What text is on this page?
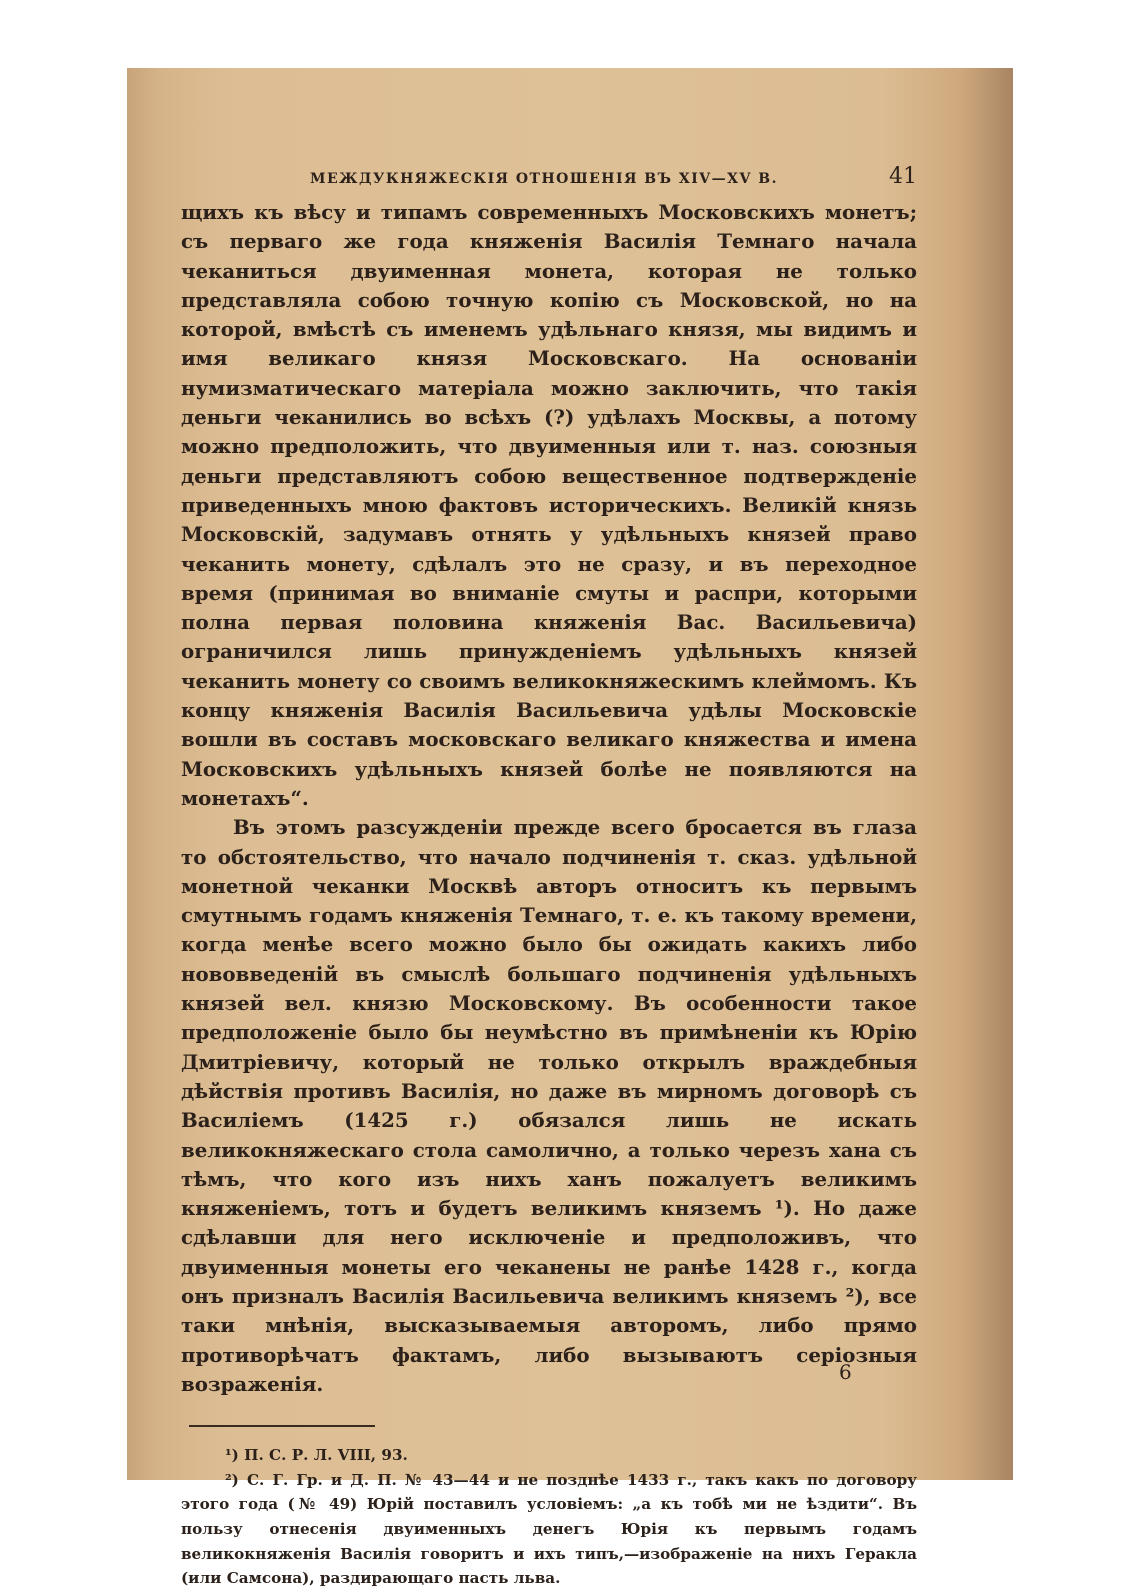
МЕЖДУКНЯЖЕСКІЯ ОТНОШЕНІЯ ВЪ XIV—XV В.	41

щихъ къ вѣсу и типамъ современныхъ Московскихъ монетъ; съ перваго же года княженія Василія Темнаго начала чеканиться двуименная монета, которая не только представляла собою точную копію съ Московской, но на которой, вмѣстѣ съ именемъ удѣльнаго князя, мы видимъ и имя великаго князя Московскаго. На основаніи нумизматическаго матеріала можно заключить, что такія деньги чеканились во всѣхъ (?) удѣлахъ Москвы, а потому можно предположить, что двуименныя или т. наз. союзныя деньги представляютъ собою вещественное подтвержденіе приведенныхъ мною фактовъ историческихъ. Великій князь Московскій, задумавъ отнять у удѣльныхъ князей право чеканить монету, сдѣлалъ это не сразу, и въ переходное время (принимая во вниманіе смуты и распри, которыми полна первая половина княженія Вас. Васильевича) ограничился лишь принужденіемъ удѣльныхъ князей чеканить монету со своимъ великокняжескимъ клеймомъ. Къ концу княженія Василія Васильевича удѣлы Московскіе вошли въ составъ московскаго великаго княжества и имена Московскихъ удѣльныхъ князей болѣе не появляются на монетахъ“.

Въ этомъ разсужденіи прежде всего бросается въ глаза то обстоятельство, что начало подчиненія т. сказ. удѣльной монетной чеканки Москвѣ авторъ относитъ къ первымъ смутнымъ годамъ княженія Темнаго, т. е. къ такому времени, когда менѣе всего можно было бы ожидать какихъ либо нововведеній въ смыслѣ большаго подчиненія удѣльныхъ князей вел. князю Московскому. Въ особенности такое предположеніе было бы неумѣстно въ примѣненіи къ Юрію Дмитріевичу, который не только открылъ враждебныя дѣйствія противъ Василія, но даже въ мирномъ договорѣ съ Василіемъ (1425 г.) обязался лишь не искать великокняжескаго стола самолично, а только черезъ хана съ тѣмъ, что кого изъ нихъ ханъ пожалуетъ великимъ княженіемъ, тотъ и будетъ великимъ княземъ ¹). Но даже сдѣлавши для него исключеніе и предположивъ, что двуименныя монеты его чеканены не ранѣе 1428 г., когда онъ призналъ Василія Васильевича великимъ княземъ ²), все таки мнѣнія, высказываемыя авторомъ, либо прямо противорѣчатъ фактамъ, либо вызываютъ серіозныя возраженія.

¹) П. С. Р. Л. VIII, 93.

²) С. Г. Гр. и Д. П. № 43—44 и не позднѣе 1433 г., такъ какъ по договору этого года (№ 49) Юрій поставилъ условіемъ: „а къ тобѣ ми не ѣздити“. Въ пользу отнесенія двуименныхъ денегъ Юрія къ первымъ годамъ великокняженія Василія говоритъ и ихъ типъ,—изображеніе на нихъ Геракла (или Самсона), раздирающаго пасть льва.

6
